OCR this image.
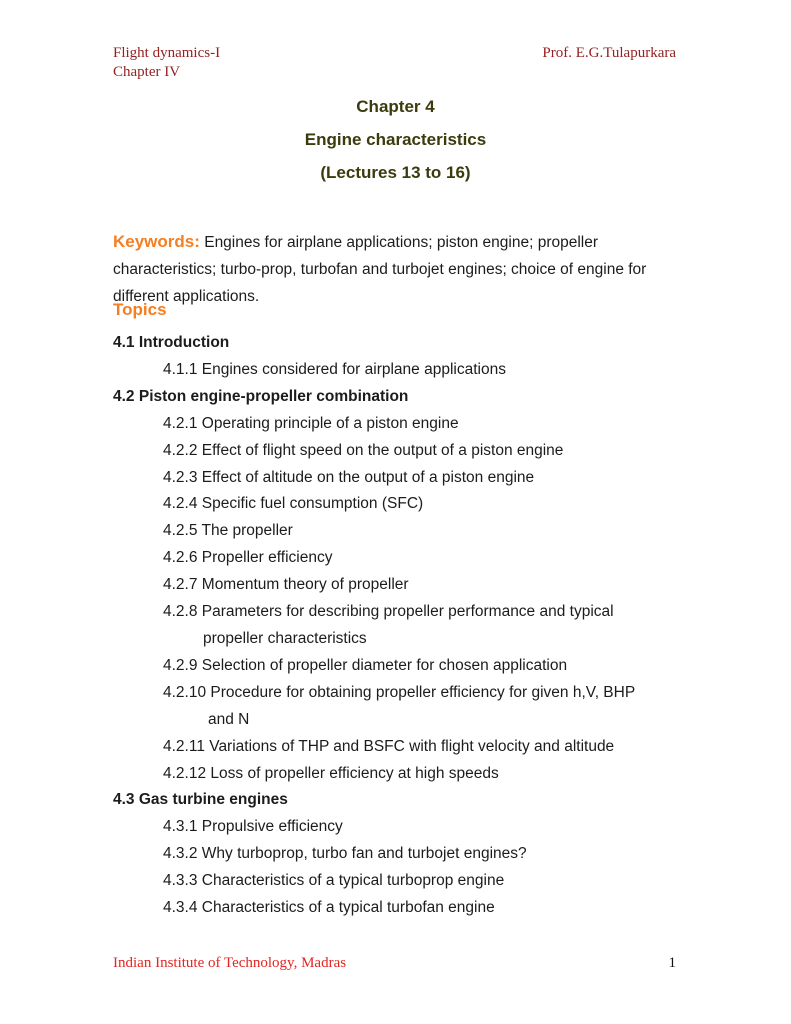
Flight dynamics-I
Chapter IV
Prof. E.G.Tulapurkara
Chapter 4
Engine characteristics
(Lectures 13 to 16)

Keywords: Engines for airplane applications; piston engine; propeller characteristics; turbo-prop, turbofan and turbojet engines; choice of engine for different applications.

Topics
4.1 Introduction
4.1.1 Engines considered for airplane applications
4.2 Piston engine-propeller combination
4.2.1 Operating principle of a piston engine
4.2.2 Effect of flight speed on the output of a piston engine
4.2.3 Effect of altitude on the output of a piston engine
4.2.4 Specific fuel consumption (SFC)
4.2.5 The propeller
4.2.6 Propeller efficiency
4.2.7 Momentum theory of propeller
4.2.8 Parameters for describing propeller performance and typical
propeller characteristics
4.2.9 Selection of propeller diameter for chosen application
4.2.10 Procedure for obtaining propeller efficiency for given h,V, BHP
and N
4.2.11 Variations of THP and BSFC with flight velocity and altitude
4.2.12 Loss of propeller efficiency at high speeds
4.3 Gas turbine engines
4.3.1 Propulsive efficiency
4.3.2 Why turboprop, turbo fan and turbojet engines?
4.3.3 Characteristics of a typical turboprop engine
4.3.4 Characteristics of a typical turbofan engine
Indian Institute of Technology, Madras	1
